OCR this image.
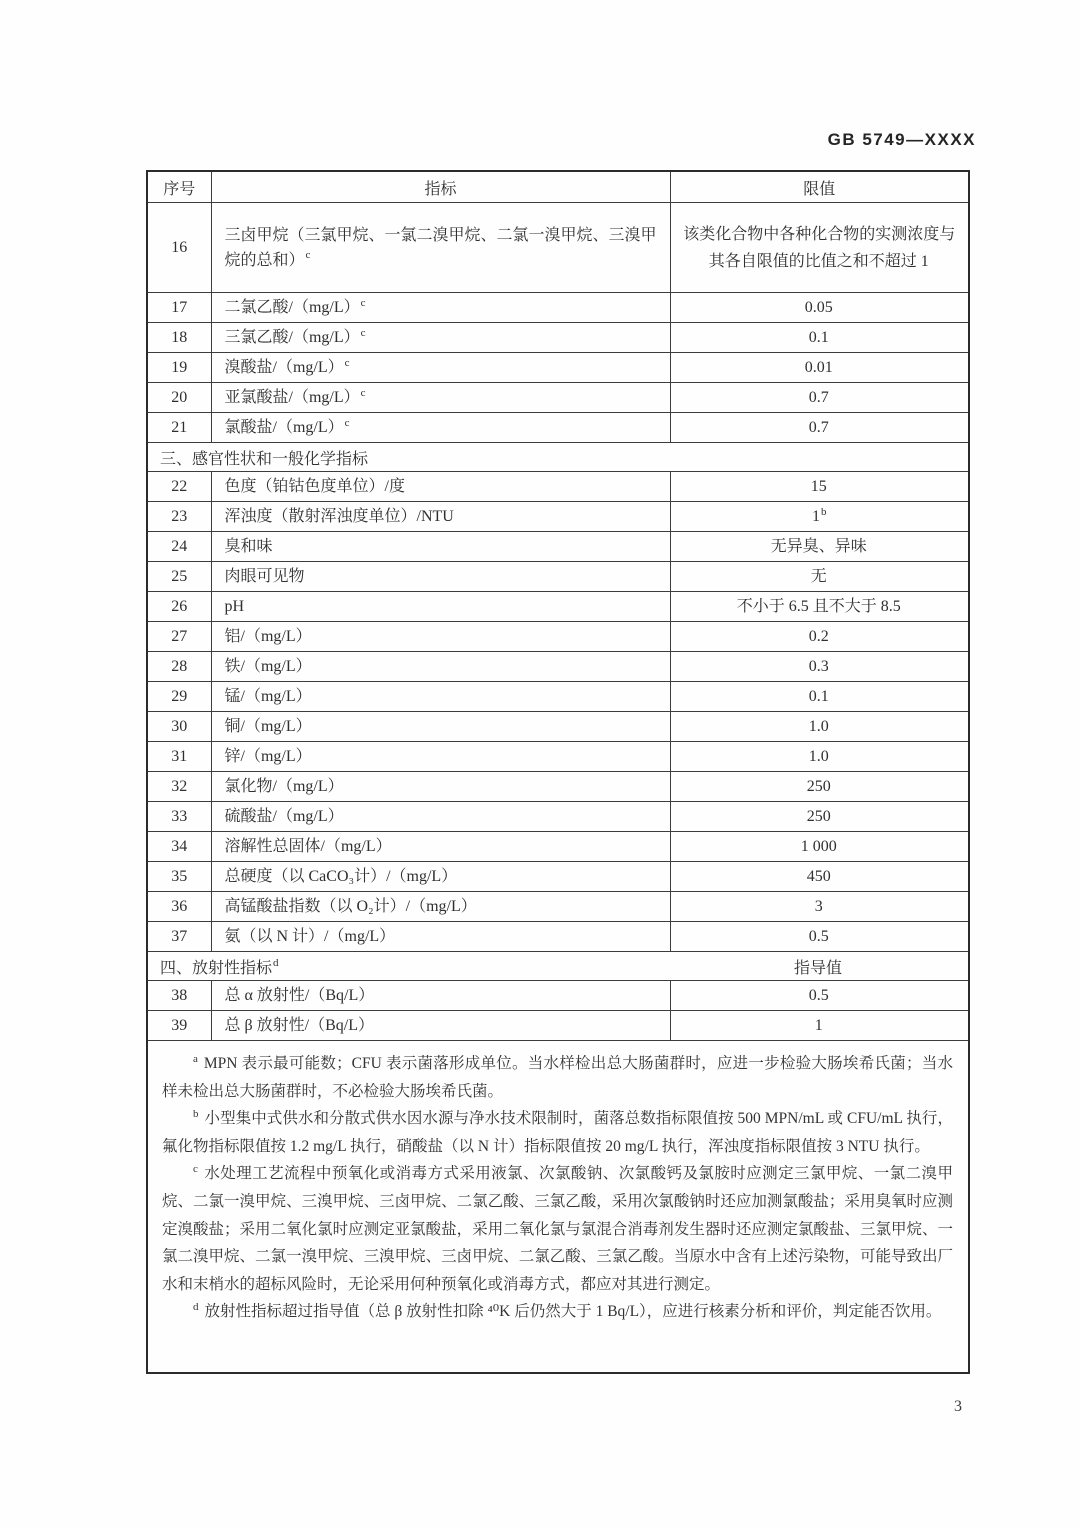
GB 5749—XXXX
序号	指标	限值
16	三卤甲烷（三氯甲烷、一氯二溴甲烷、二氯一溴甲烷、三溴甲烷的总和）$^c$	该类化合物中各种化合物的实测浓度与其各自限值的比值之和不超过 1
17	二氯乙酸$/(mg/L)^c$	0.05
18	三氯乙酸$/(mg/L)^c$	0.1
19	溴酸盐$/(mg/L)^c$	0.01
20	亚氯酸盐$/(mg/L)^c$	0.7
21	氯酸盐$/(mg/L)^c$	0.7

三、感官性状和一般化学指标		

22	色度（铂钴色度单位）/度	15
23	浑浊度（散射浑浊度单位）/NTU	1$^b$
24	臭和味	无异臭、异味
25	肉眼可见物	无
26	pH	不小于 6.5 且不大于 8.5
27	铝/（mg/L）	0.2
28	铁/（mg/L）	0.3
29	锰/（mg/L）	0.1
30	铜/（mg/L）	1.0
31	锌/（mg/L）	1.0
32	氯化物/（mg/L）	250
33	硫酸盐/（mg/L）	250
34	溶解性总固体/（mg/L）	1 000
35	总硬度（以 CaCO₃计）/（mg/L）	450
36	高锰酸盐指数（以 O₂计）/（mg/L）	3
37	氨（以 N 计）/（mg/L）	0.5

四、放射性指标$^d$ 指导值		

38	总 α 放射性/（Bq/L）	0.5
39	总 β 放射性/（Bq/L）	1

$^a$ MPN 表示最可能数；CFU 表示菌落形成单位。当水样检出总大肠菌群时，应进一步检验大肠埃希氏菌；当水样未检出总大肠菌群时，不必检验大肠埃希氏菌。

$^b$ 小型集中式供水和分散式供水因水源与净水技术限制时，菌落总数指标限值按 500 MPN/mL 或 CFU/mL 执行，氟化物指标限值按 1.2 mg/L 执行，硝酸盐（以 N 计）指标限值按 20 mg/L 执行，浑浊度指标限值按 3 NTU 执行。

$^c$ 水处理工艺流程中预氧化或消毒方式采用液氯、次氯酸钠、次氯酸钙及氯胺时应测定三氯甲烷、一氯二溴甲烷、二氯一溴甲烷、三溴甲烷、三卤甲烷、二氯乙酸、三氯乙酸，采用次氯酸钠时还应加测氯酸盐；采用臭氧时应测定溴酸盐；采用二氧化氯时应测定亚氯酸盐，采用二氧化氯与氯混合消毒剂发生器时还应测定氯酸盐、三氯甲烷、一氯二溴甲烷、二氯一溴甲烷、三溴甲烷、三卤甲烷、二氯乙酸、三氯乙酸。当原水中含有上述污染物，可能导致出厂水和末梢水的超标风险时，无论采用何种预氧化或消毒方式，都应对其进行测定。

$^d$ 放射性指标超过指导值（总 β 放射性扣除 ⁴⁰K 后仍然大于 1 Bq/L），应进行核素分析和评价，判定能否饮用。		

3
